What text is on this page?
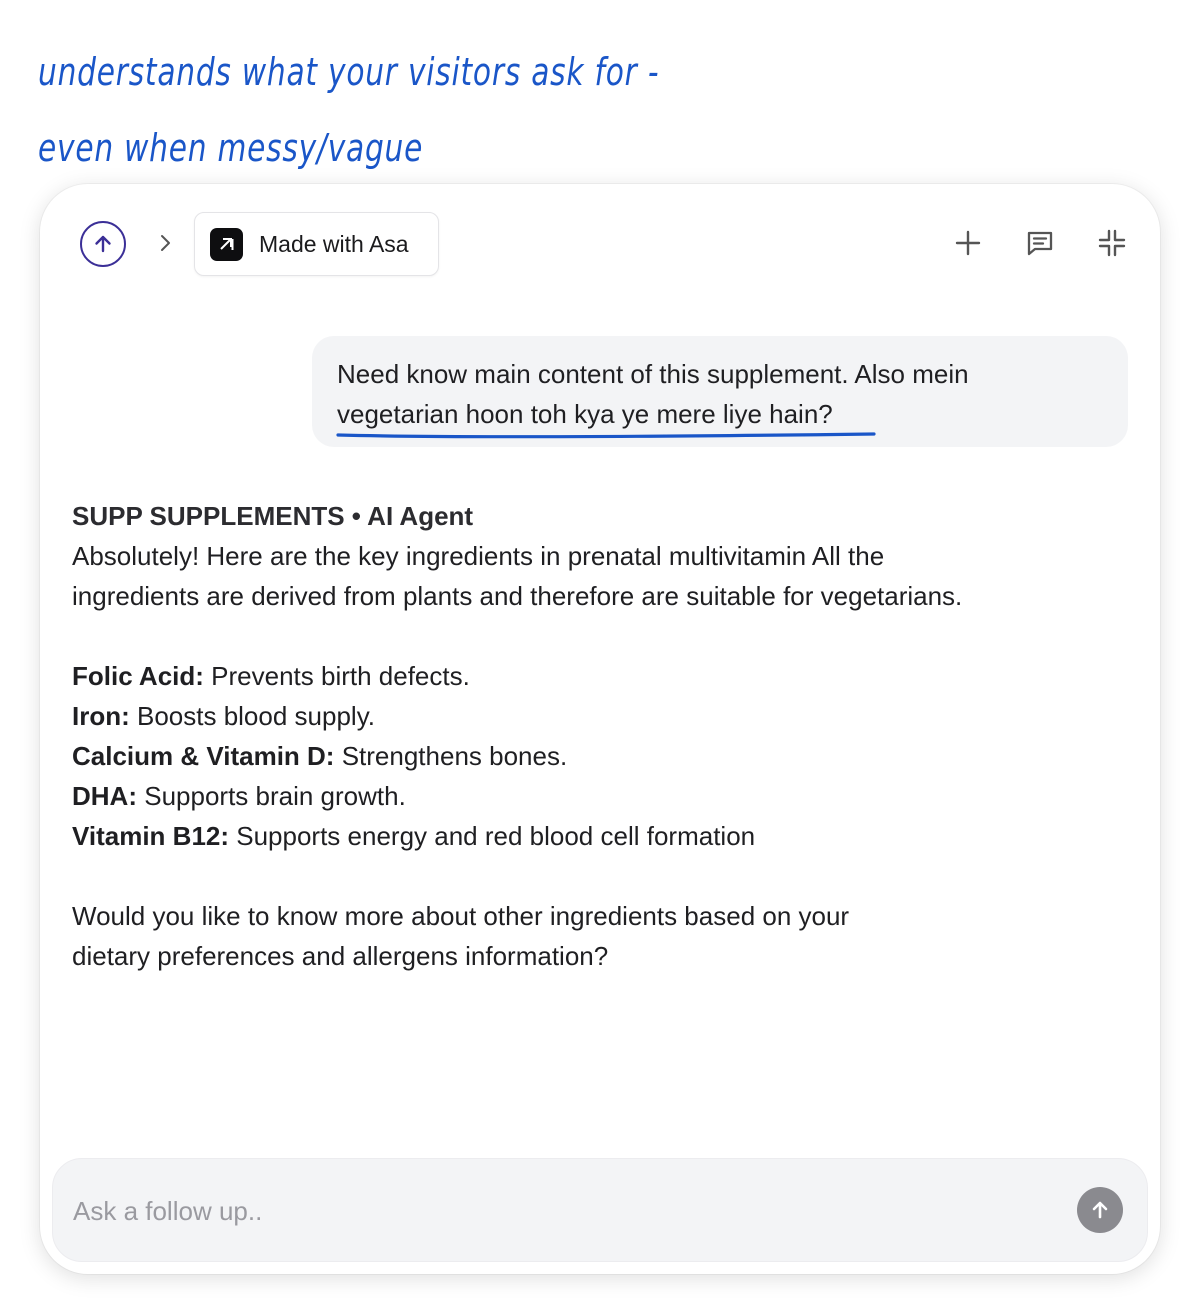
understands what your visitors ask for -
even when messy/vague
Made with Asa
Need know main content of this supplement. Also mein
vegetarian hoon toh kya ye mere liye hain?

SUPP SUPPLEMENTS • AI Agent

Absolutely! Here are the key ingredients in prenatal multivitamin All the

ingredients are derived from plants and therefore are suitable for vegetarians.

Folic Acid: Prevents birth defects.

Iron: Boosts blood supply.

Calcium & Vitamin D: Strengthens bones.

DHA: Supports brain growth.

Vitamin B12: Supports energy and red blood cell formation

Would you like to know more about other ingredients based on your

dietary preferences and allergens information?

Ask a follow up..
